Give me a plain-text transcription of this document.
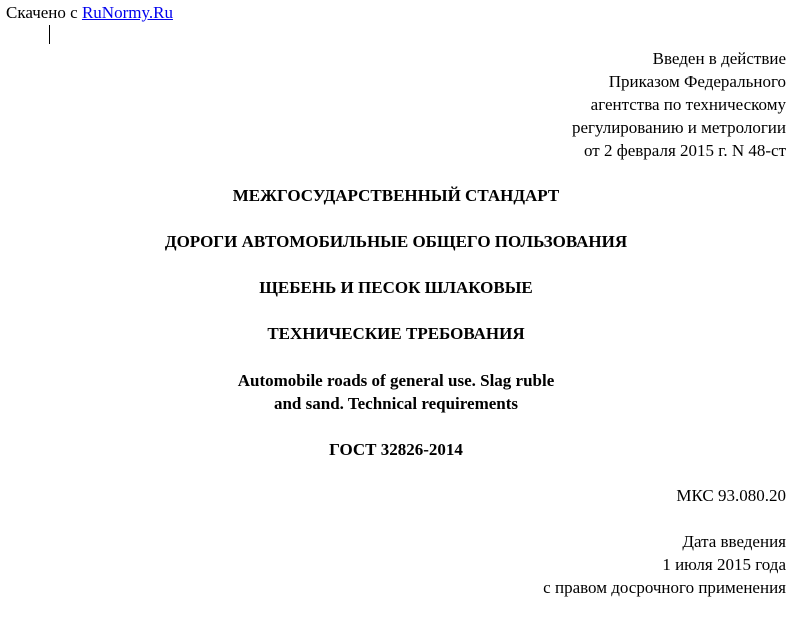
Скачено с RuNormy.Ru
Введен в действие
Приказом Федерального
агентства по техническому
регулированию и метрологии
от 2 февраля 2015 г. N 48-ст
МЕЖГОСУДАРСТВЕННЫЙ СТАНДАРТ
ДОРОГИ АВТОМОБИЛЬНЫЕ ОБЩЕГО ПОЛЬЗОВАНИЯ
ЩЕБЕНЬ И ПЕСОК ШЛАКОВЫЕ
ТЕХНИЧЕСКИЕ ТРЕБОВАНИЯ
Automobile roads of general use. Slag ruble
and sand. Technical requirements
ГОСТ 32826-2014
МКС 93.080.20
Дата введения
1 июля 2015 года
с правом досрочного применения
